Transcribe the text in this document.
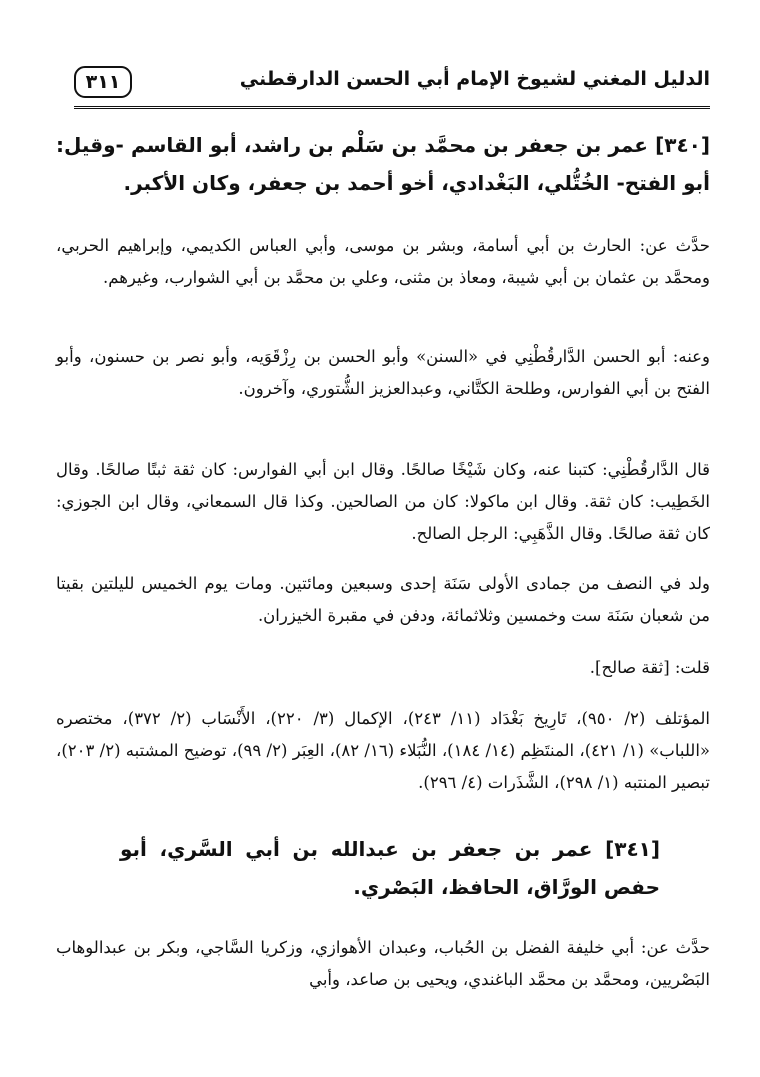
الدليل المغني لشيوخ الإمام أبي الحسن الدارقطني
٣١١
[٣٤٠] عمر بن جعفر بن محمَّد بن سَلْم بن راشد، أبو القاسم -وقيل: أبو الفتح- الخُتُّلي، البَغْدادي، أخو أحمد بن جعفر، وكان الأكبر.
حدَّث عن: الحارث بن أبي أسامة، وبشر بن موسى، وأبي العباس الكديمي، وإبراهيم الحربي، ومحمَّد بن عثمان بن أبي شيبة، ومعاذ بن مثنى، وعلي بن محمَّد بن أبي الشوارب، وغيرهم.
وعنه: أبو الحسن الدَّارقُطْنِي في «السنن» وأبو الحسن بن رِزْقَوَيه، وأبو نصر بن حسنون، وأبو الفتح بن أبي الفوارس، وطلحة الكتَّاني، وعبدالعزيز الشُّتوري، وآخرون.
قال الدَّارقُطْنِي: كتبنا عنه، وكان شَيْخًا صالحًا. وقال ابن أبي الفوارس: كان ثقة ثبتًا صالحًا. وقال الخَطِيب: كان ثقة. وقال ابن ماكولا: كان من الصالحين. وكذا قال السمعاني، وقال ابن الجوزي: كان ثقة صالحًا. وقال الذَّهَبِي: الرجل الصالح.
ولد في النصف من جمادى الأولى سَنَة إحدى وسبعين ومائتين. ومات يوم الخميس لليلتين بقيتا من شعبان سَنَة ست وخمسين وثلاثمائة، ودفن في مقبرة الخيزران.
قلت: [ثقة صالح].
المؤتلف (٢/ ٩٥٠)، تَارِيخ بَغْدَاد (١١/ ٢٤٣)، الإكمال (٣/ ٢٢٠)، الأَنْسَاب (٢/ ٣٧٢)، مختصره «اللباب» (١/ ٤٢١)، المنتَظِم (١٤/ ١٨٤)، النُّبَلاء (١٦/ ٨٢)، العِبَر (٢/ ٩٩)، توضيح المشتبه (٢/ ٢٠٣)، تبصير المنتبه (١/ ٢٩٨)، الشَّذَرات (٤/ ٢٩٦).
[٣٤١] عمر بن جعفر بن عبدالله بن أبي السَّري، أبو حفص الورَّاق، الحافظ، البَصْري.
حدَّث عن: أبي خليفة الفضل بن الحُباب، وعبدان الأهوازي، وزكريا السَّاجي، وبكر بن عبدالوهاب البَصْريين، ومحمَّد بن محمَّد الباغندي، ويحيى بن صاعد، وأبي
